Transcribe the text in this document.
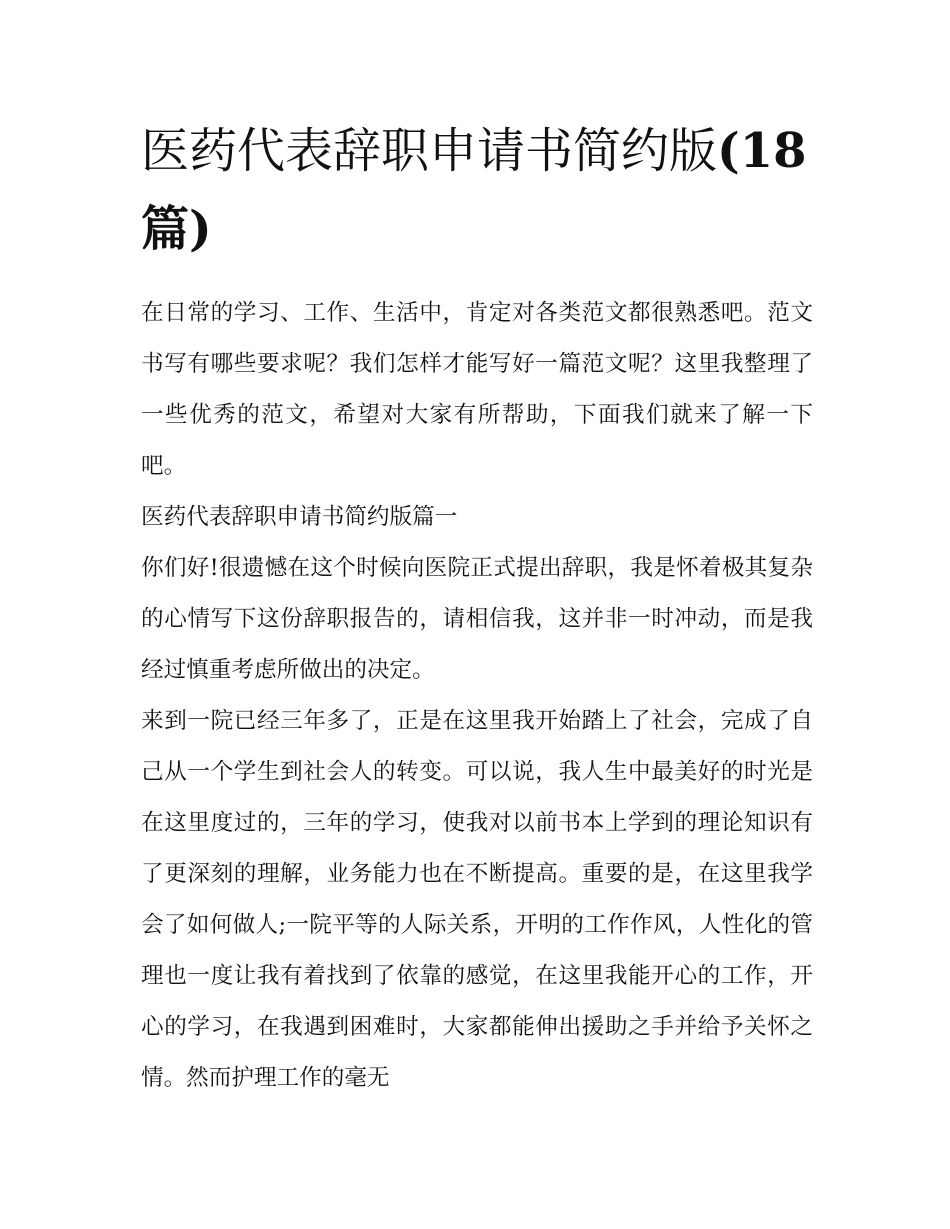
医药代表辞职申请书简约版(18
篇)

在日常的学习、工作、生活中，肯定对各类范文都很熟悉吧。范文书写有哪些要求呢？我们怎样才能写好一篇范文呢？这里我整理了一些优秀的范文，希望对大家有所帮助，下面我们就来了解一下吧。

医药代表辞职申请书简约版篇一

你们好!很遗憾在这个时候向医院正式提出辞职，我是怀着极其复杂的心情写下这份辞职报告的，请相信我，这并非一时冲动，而是我经过慎重考虑所做出的决定。

来到一院已经三年多了，正是在这里我开始踏上了社会，完成了自己从一个学生到社会人的转变。可以说，我人生中最美好的时光是在这里度过的，三年的学习，使我对以前书本上学到的理论知识有了更深刻的理解，业务能力也在不断提高。重要的是，在这里我学会了如何做人;一院平等的人际关系，开明的工作作风，人性化的管理也一度让我有着找到了依靠的感觉，在这里我能开心的工作，开心的学习，在我遇到困难时，大家都能伸出援助之手并给予关怀之情。然而护理工作的毫无
